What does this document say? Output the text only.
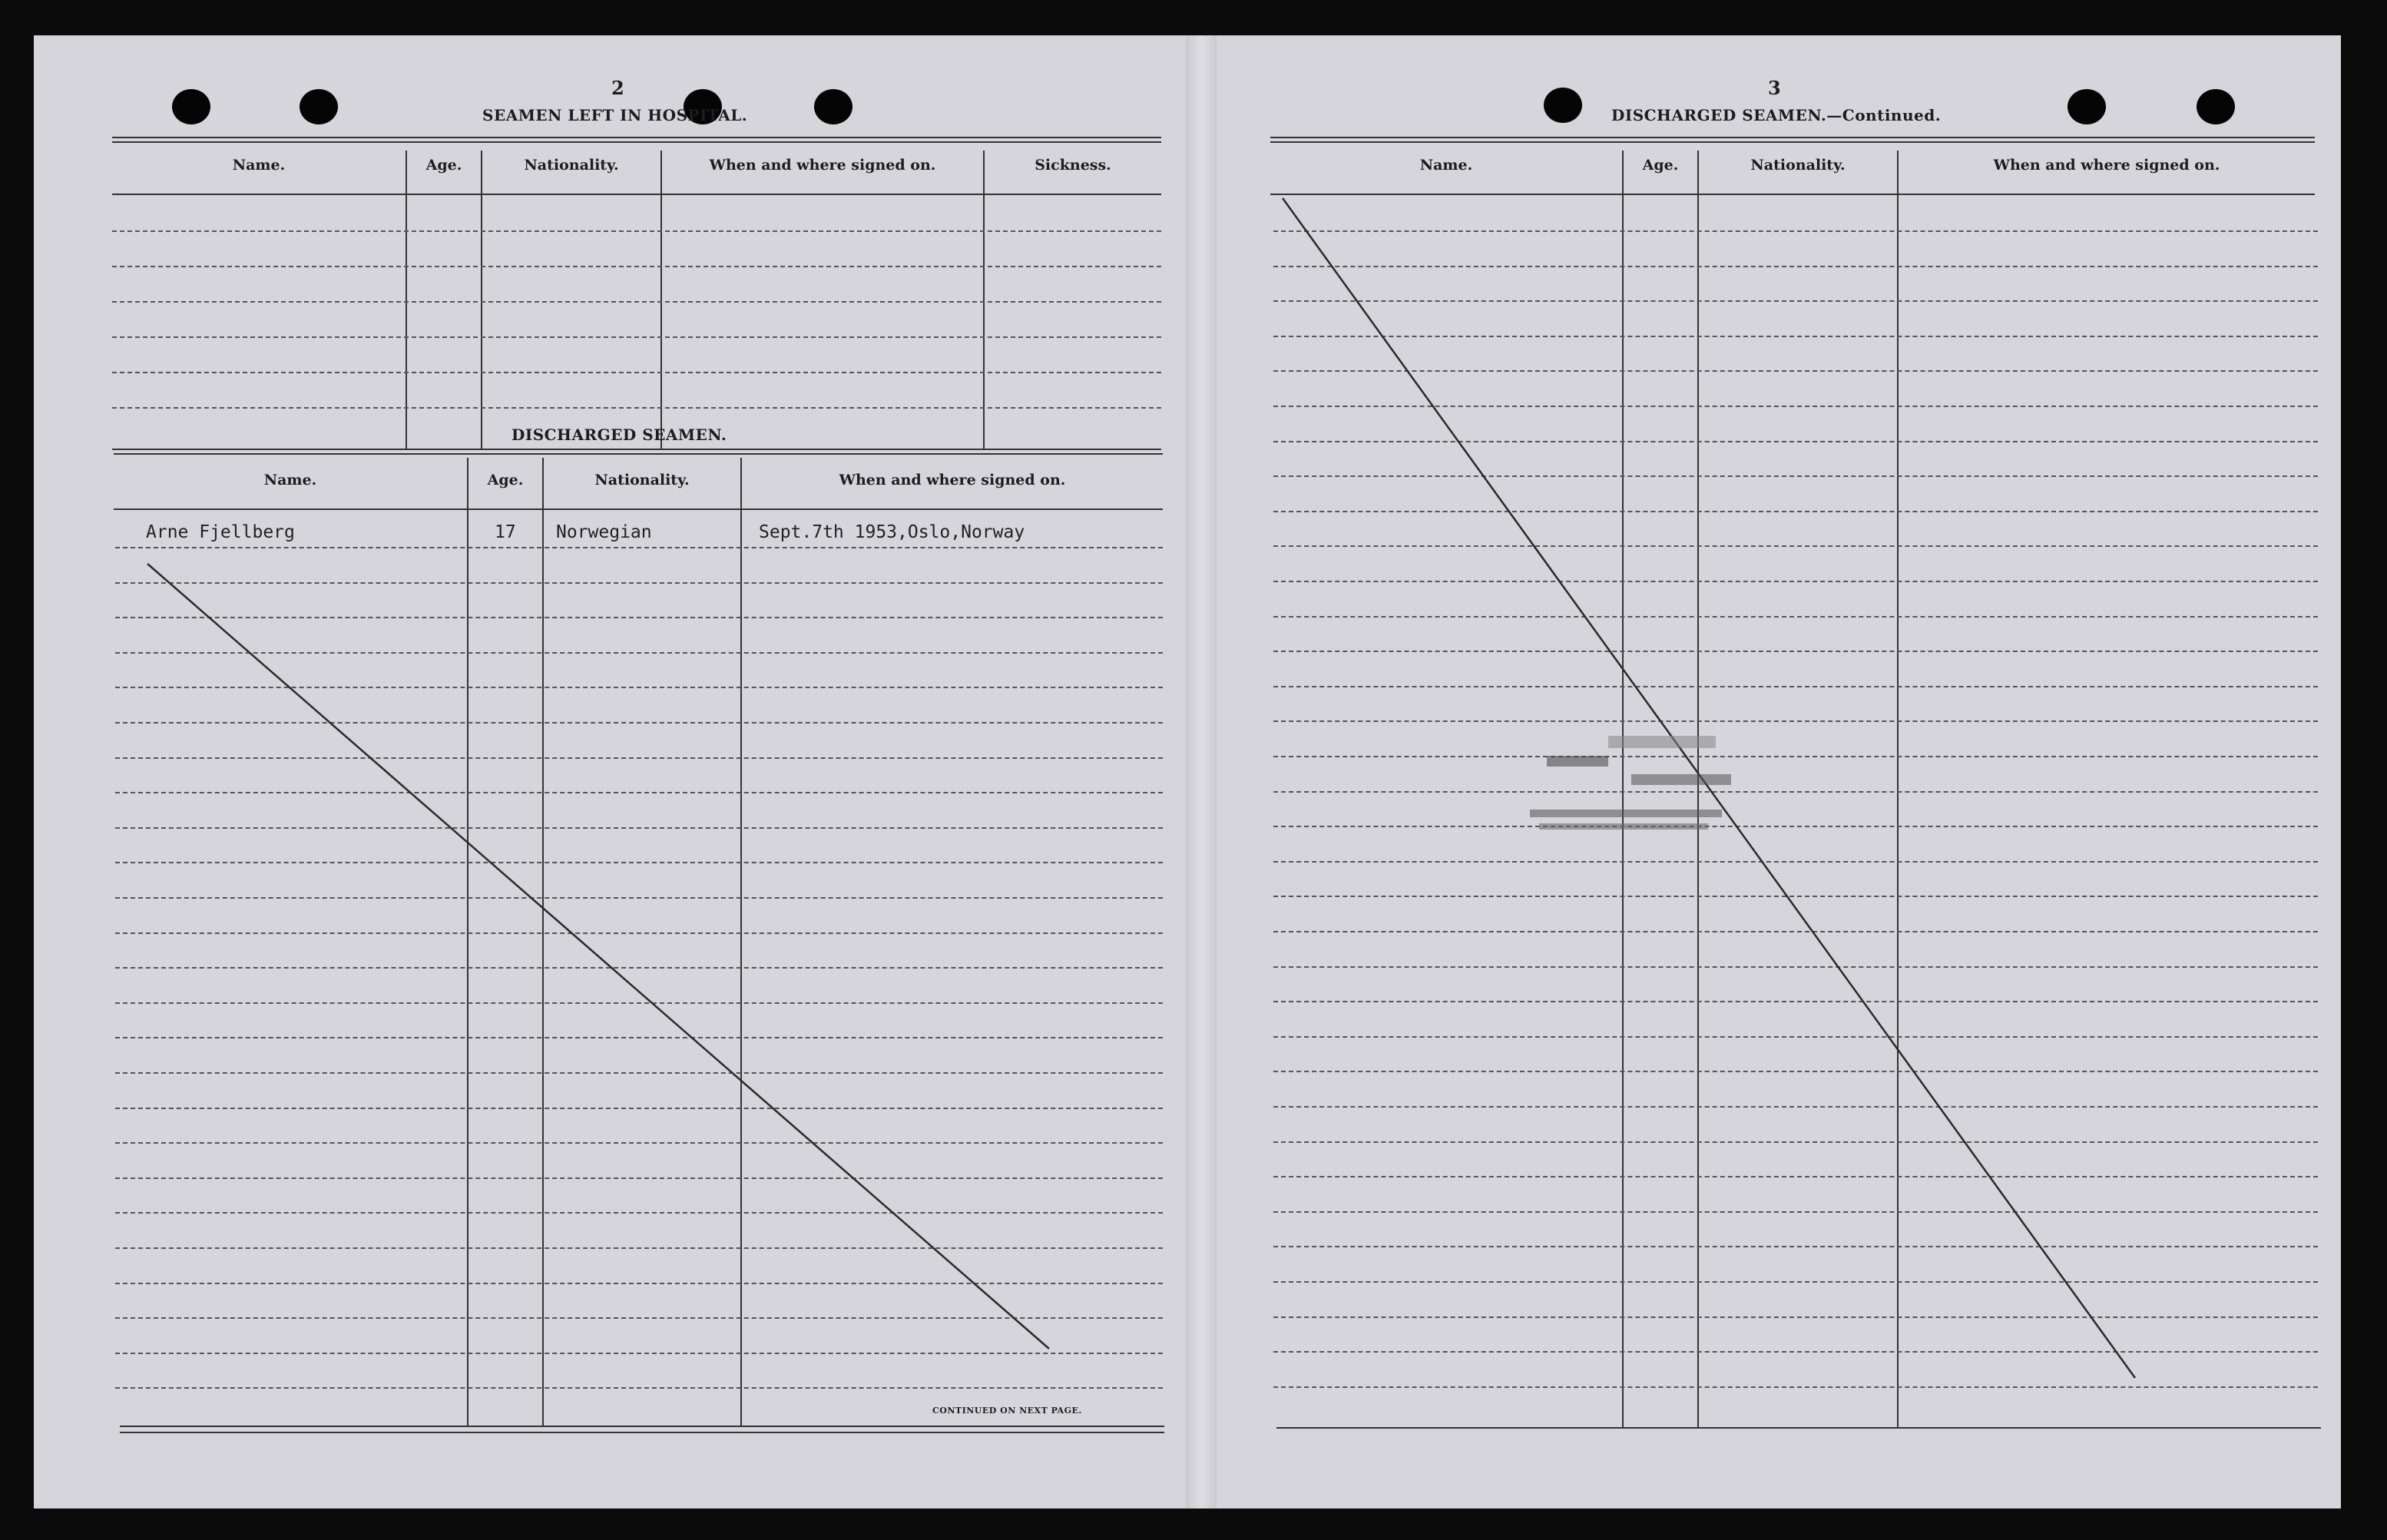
2
SEAMEN LEFT IN HOSPITAL.
Name.	Age.	Nationality.	When and where signed on.	Sickness.
DISCHARGED SEAMEN.
Name.	Age.	Nationality.	When and where signed on.
Arne Fjellberg	17 Norwegian	Sept.7th 1953,Oslo,Norway
CONTINUED ON NEXT PAGE.
3
DISCHARGED SEAMEN.—Continued.
Name.	Age.	Nationality.	When and where signed on.
